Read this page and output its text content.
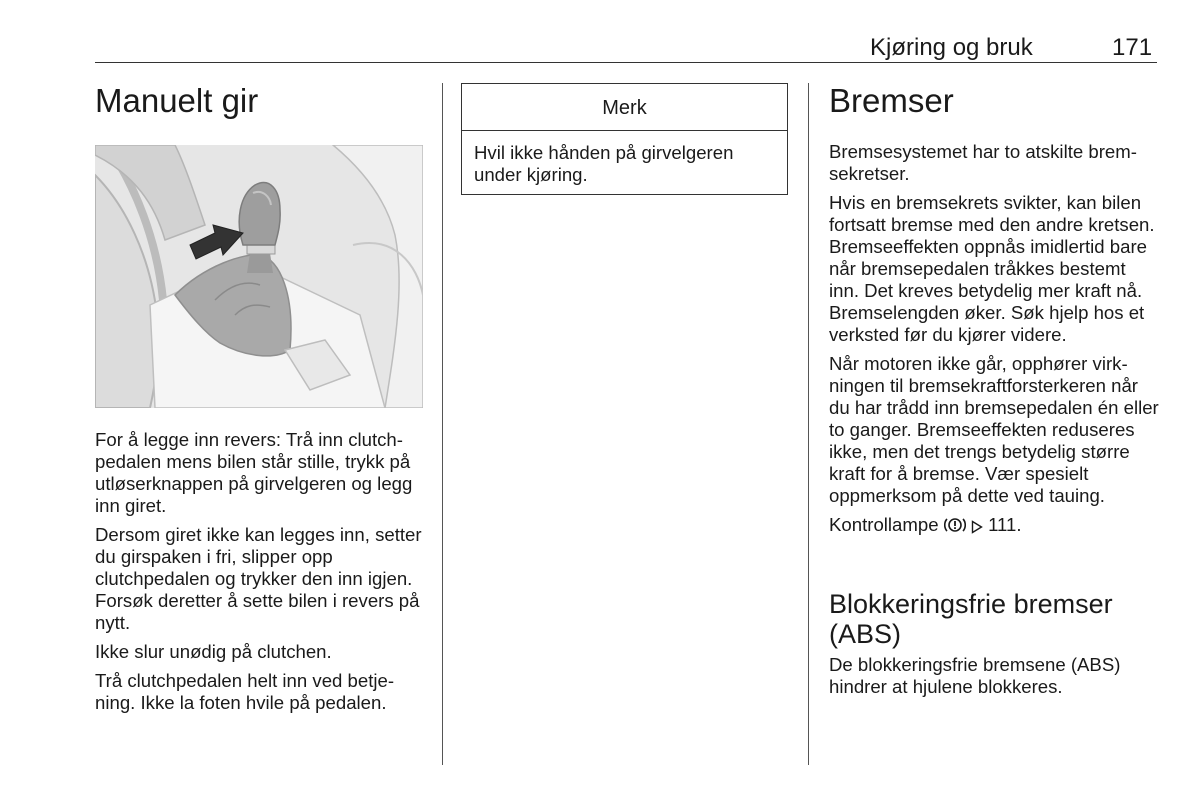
Kjøring og bruk	171
Manuelt gir

For å legge inn revers: Trå inn clutchpedalen mens bilen står stille, trykk på utløserknappen på girvelgeren og legg inn giret.

Dersom giret ikke kan legges inn, setter du girspaken i fri, slipper opp clutchpedalen og trykker den inn igjen. Forsøk deretter å sette bilen i revers på nytt.

Ikke slur unødig på clutchen.

Trå clutchpedalen helt inn ved betjening. Ikke la foten hvile på pedalen.

Merk
Hvil ikke hånden på girvelgeren under kjøring.
Bremser

Bremsesystemet har to atskilte bremsekretser.

Hvis en bremsekrets svikter, kan bilen fortsatt bremse med den andre kretsen. Bremseeffekten oppnås imidlertid bare når bremsepedalen tråkkes bestemt inn. Det kreves betydelig mer kraft nå. Bremselengden øker. Søk hjelp hos et verksted før du kjører videre.

Når motoren ikke går, opphører virkningen til bremsekraftforsterkeren når du har trådd inn bremsepedalen én eller to ganger. Bremseeffekten reduseres ikke, men det trengs betydelig større kraft for å bremse. Vær spesielt oppmerksom på dette ved tauing.

Kontrollampe	111.

Blokkeringsfrie bremser (ABS)

De blokkeringsfrie bremsene (ABS) hindrer at hjulene blokkeres.
